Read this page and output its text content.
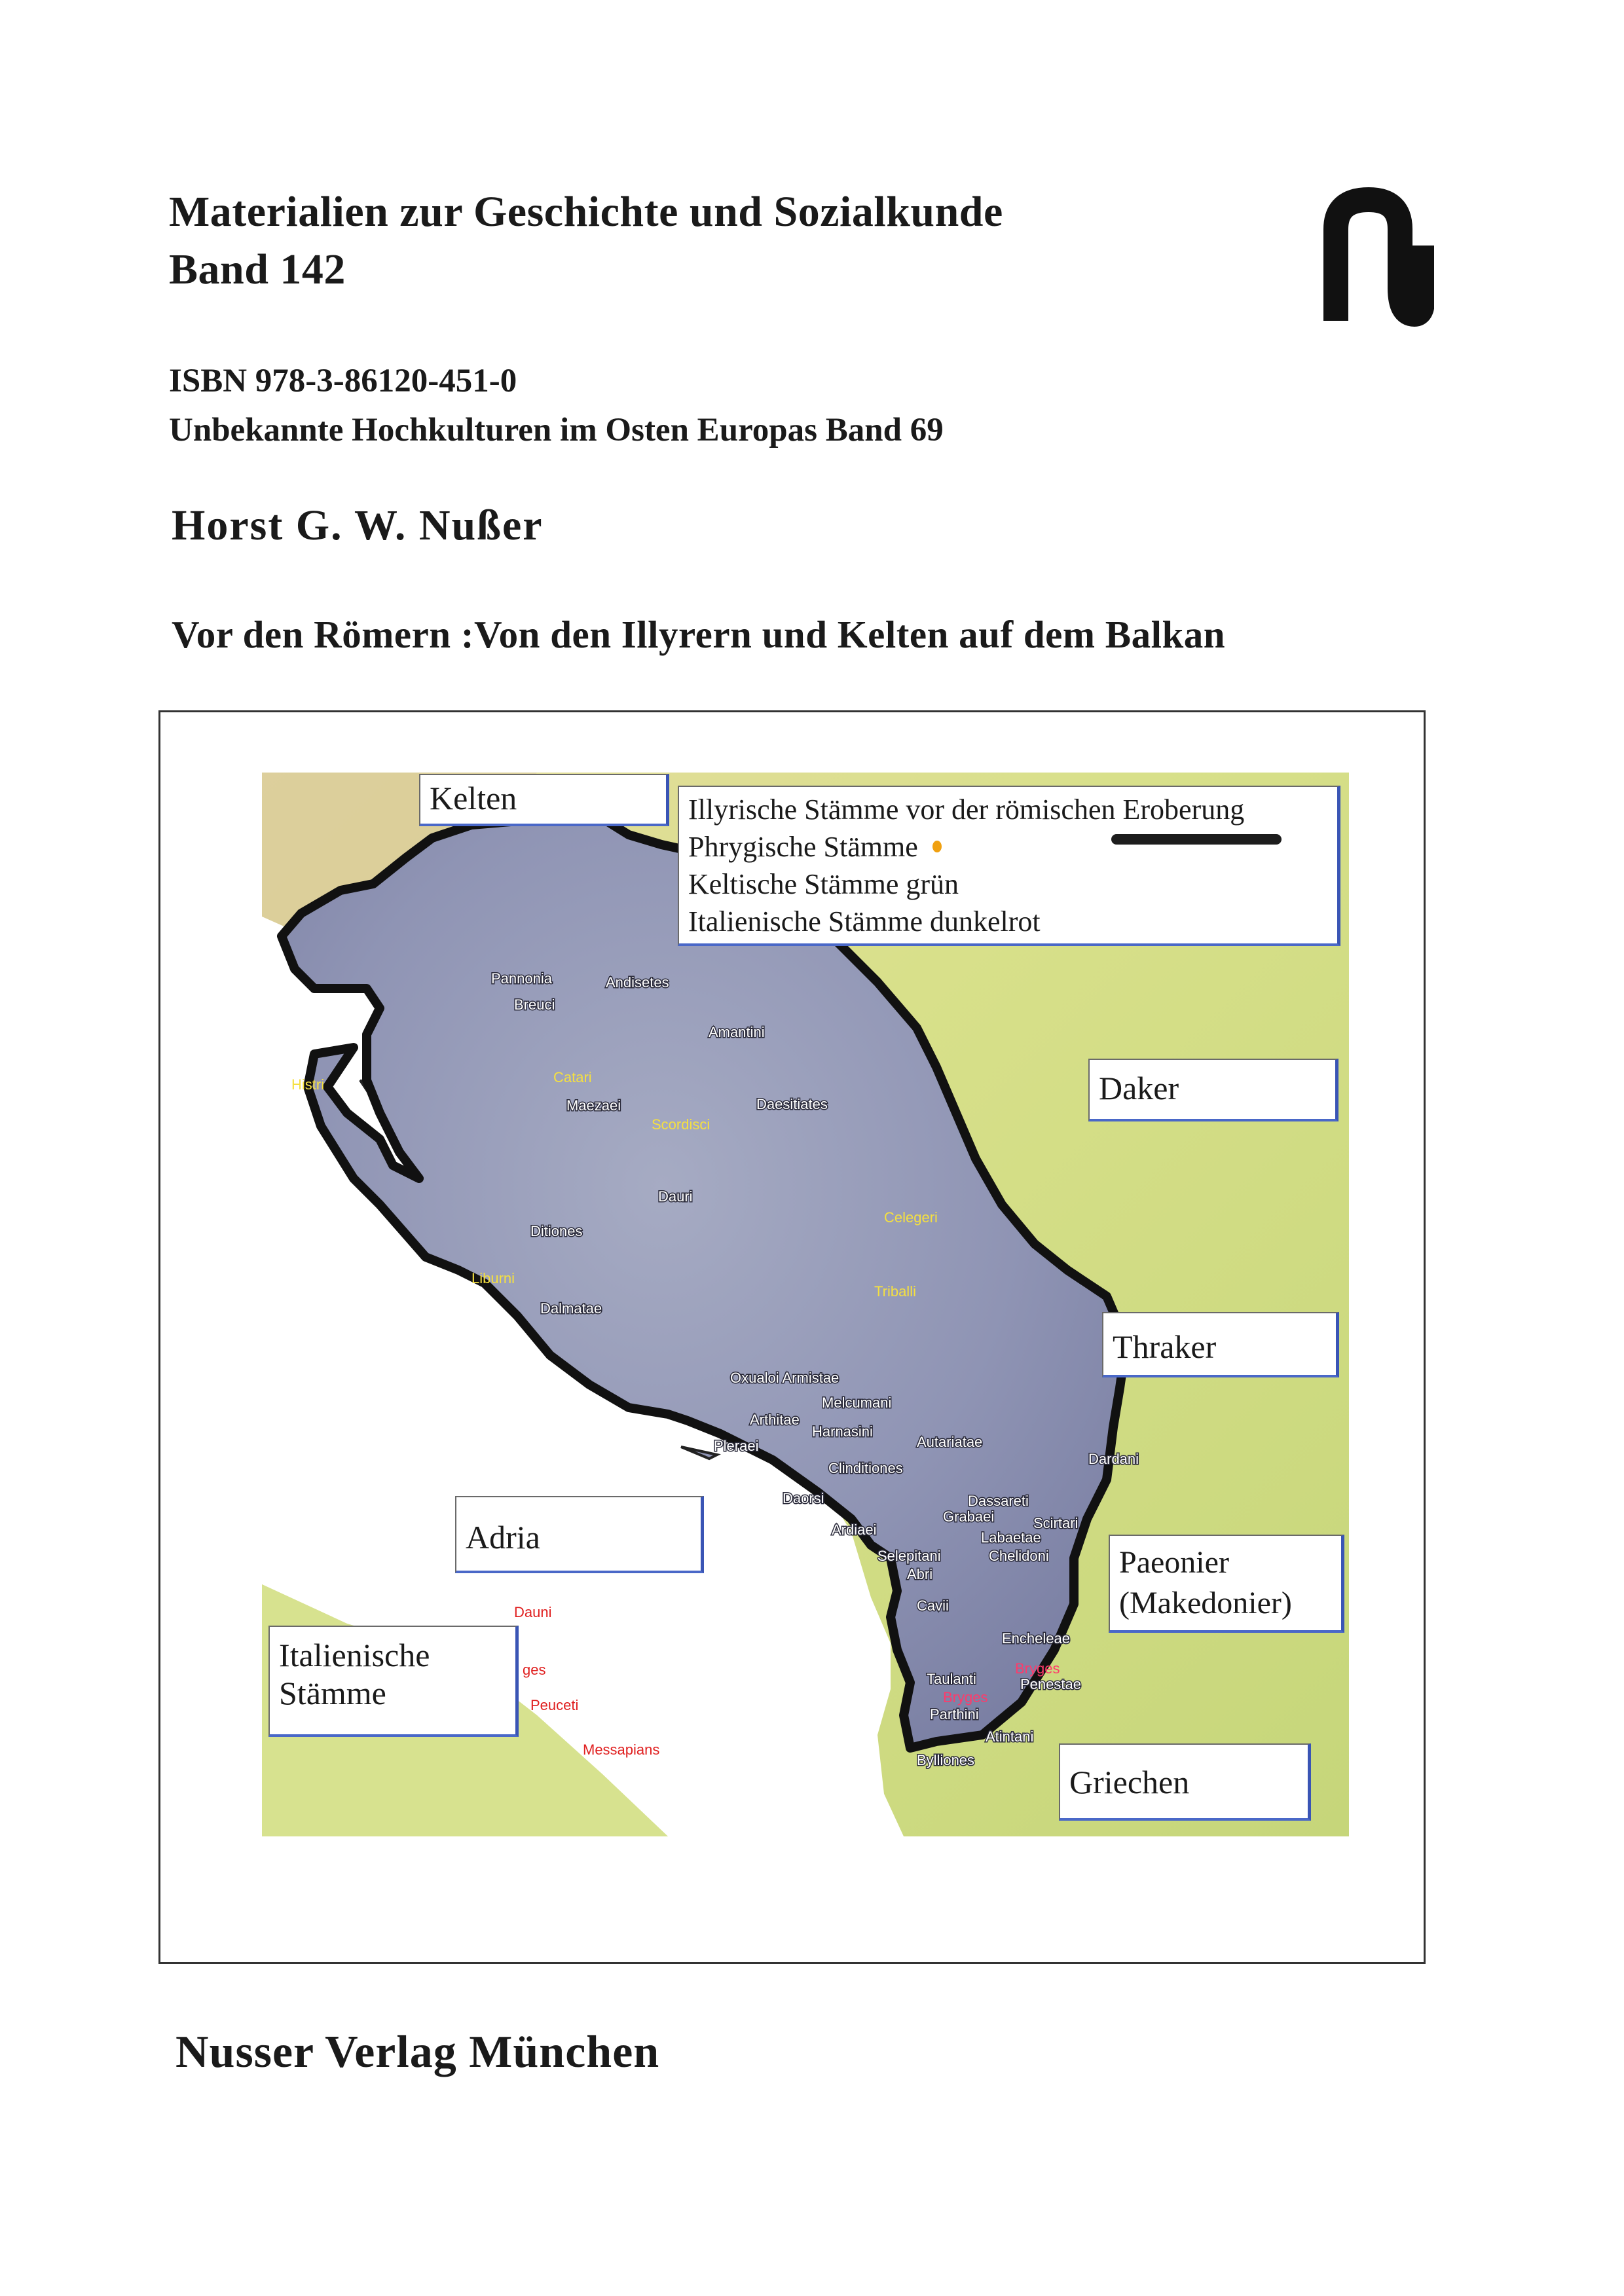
Materialien zur Geschichte und Sozialkunde
Band 142
ISBN 978-3-86120-451-0
Unbekannte Hochkulturen im Osten Europas Band 69
Horst G. W. Nußer
Vor den Römern :Von den Illyrern und Kelten auf dem Balkan
Pannonia	Andisetes
Breuci
Amantini
Histri	Catari
Maezaei
Scordisci
Daesitiates
Dauri
Celegeri
Ditiones
Triballi
Liburni
Dalmatae
Oxualoi Armistae
Melcumani
Arthitae
Harnasini
Pleraei	Autariatae
Dardani
Clinditiones
Daorsi	Dassareti
Grabaei	Scirtari
Ardiaei	Labaetae
Selepitani	Chelidoni
Abri
Cavii
Encheleae
Bryges
Taulanti	Penestae
Bryges
Parthini
Atintani
Bylliones
Dauni
ges
Peuceti
Messapians
Kelten	Illyrische Stämme vor der römischen Eroberung
Phrygische Stämme
Keltische Stämme grün
Italienische Stämme dunkelrot
Daker
Thraker
Paeonier
(Makedonier)
Griechen
Adria
Italienische
Stämme
Nusser Verlag München
